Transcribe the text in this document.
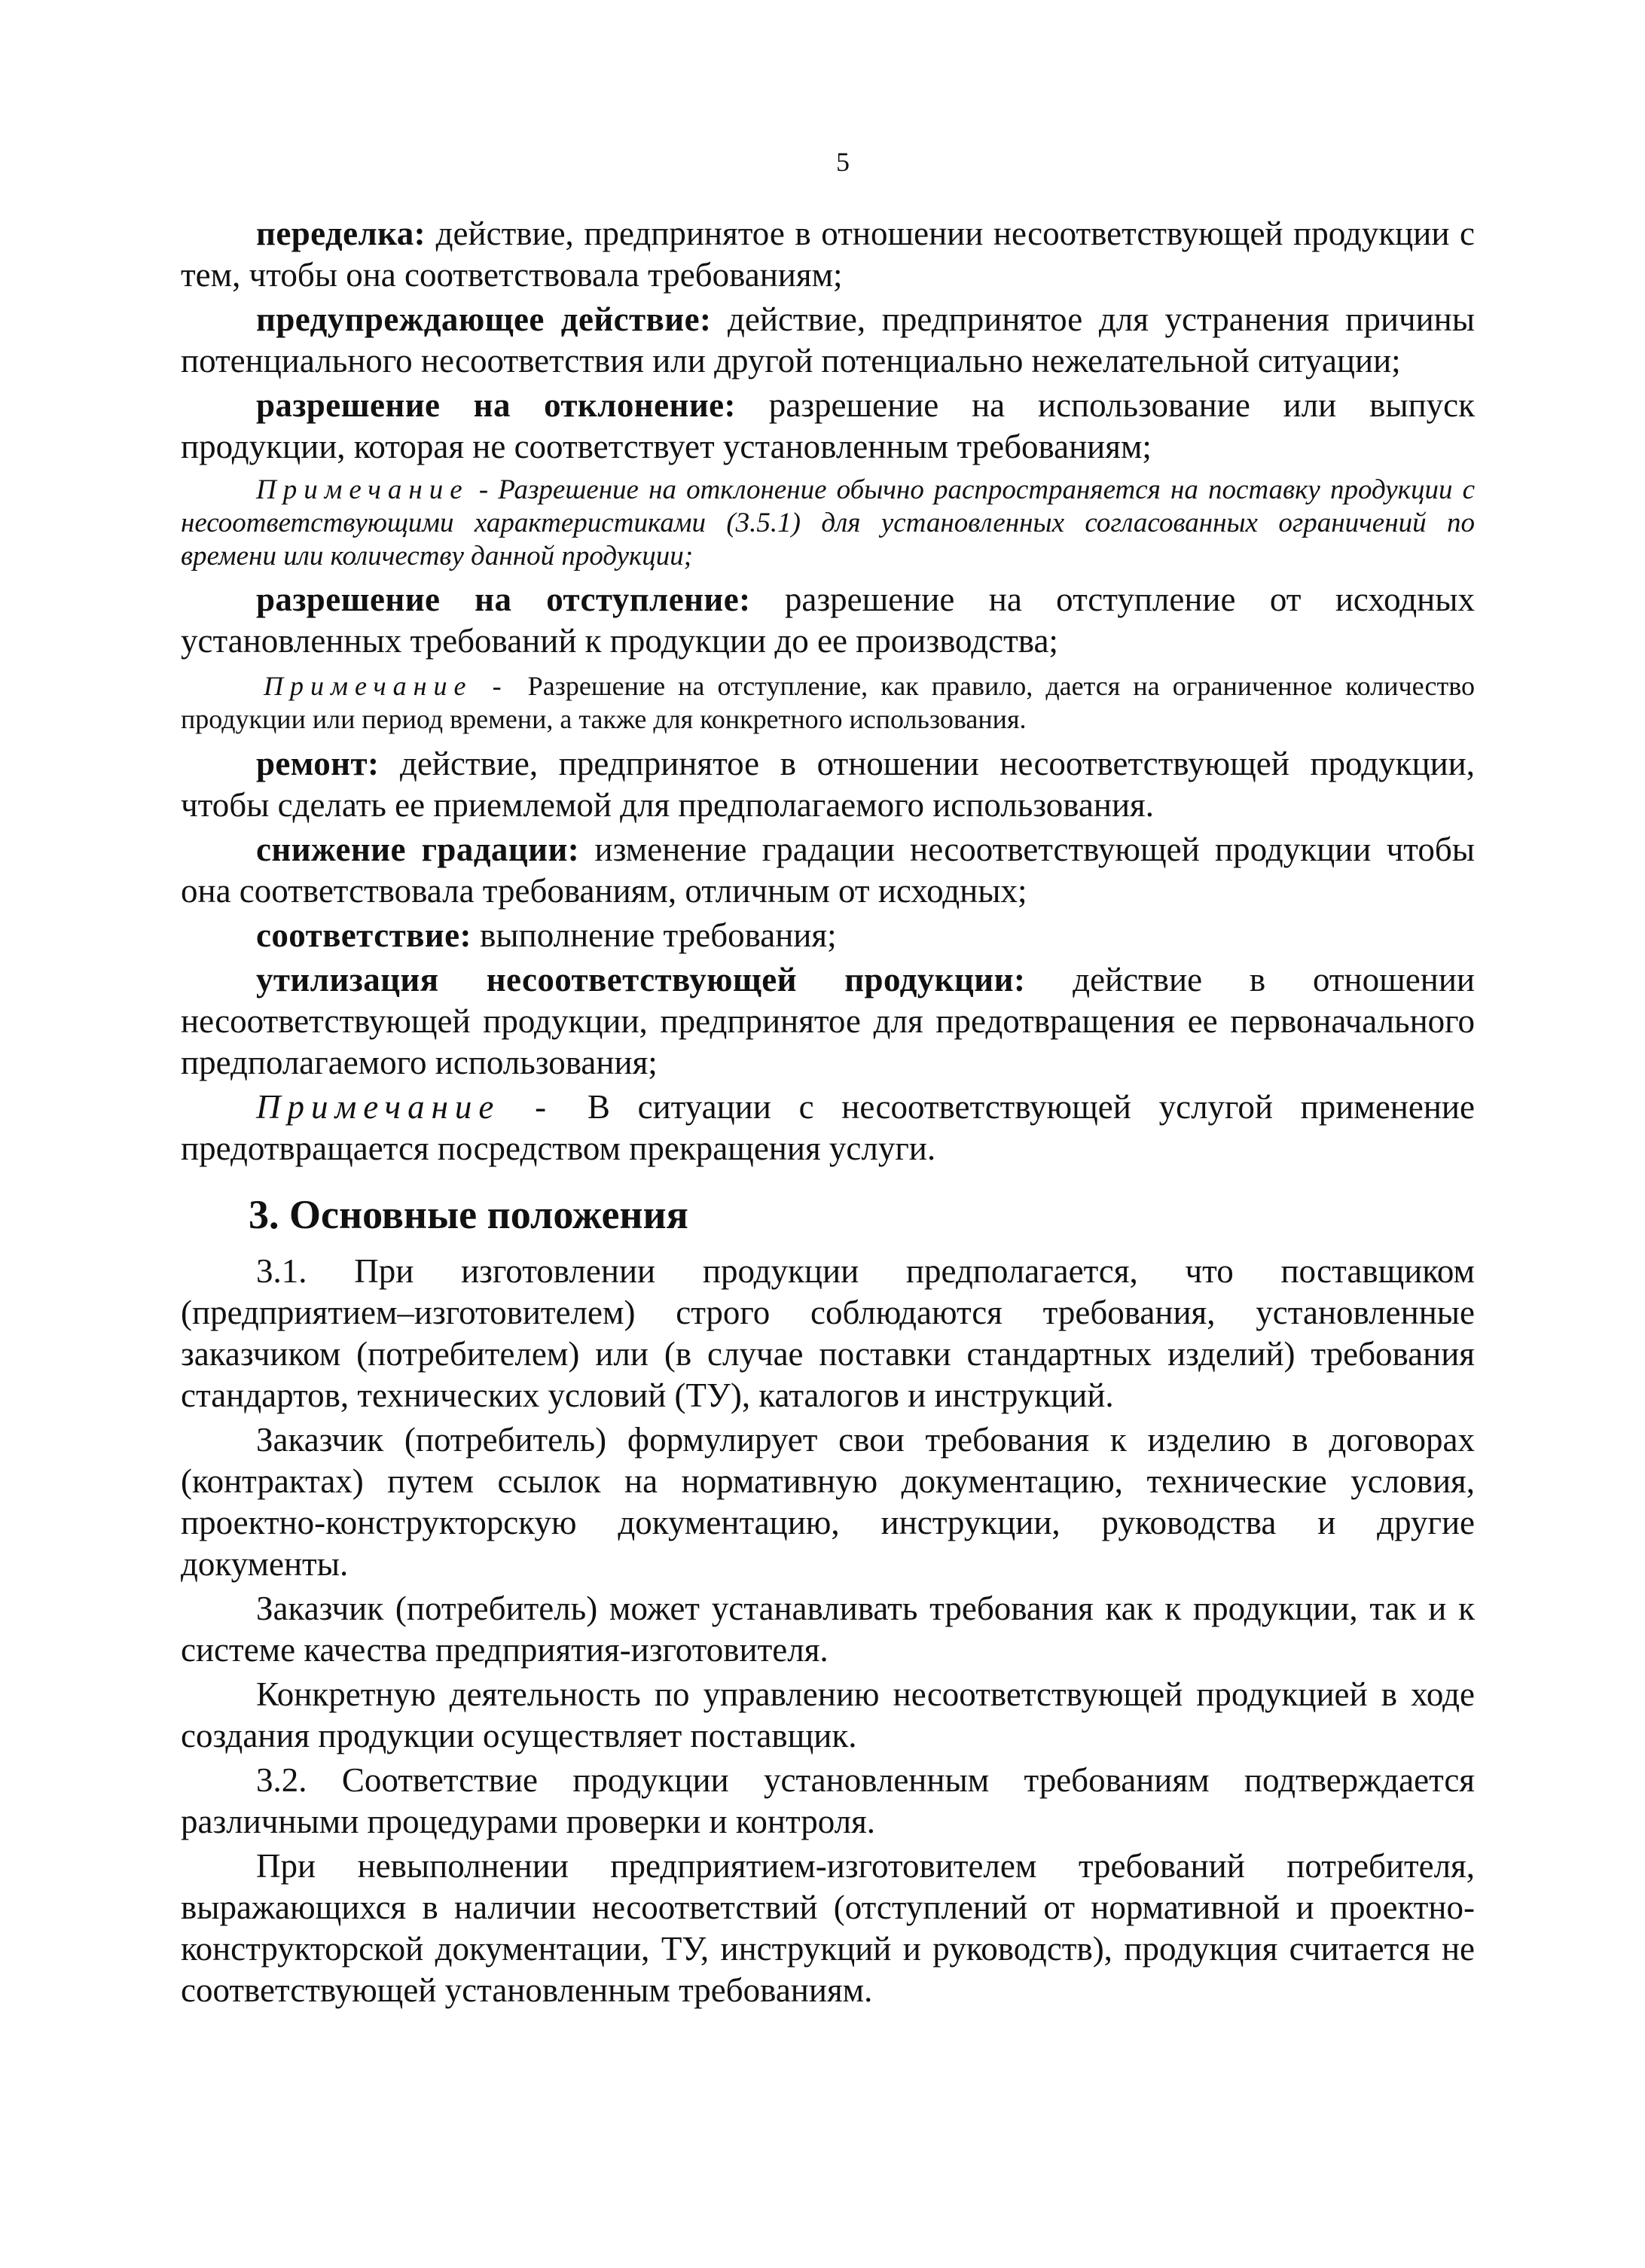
5

переделка: действие, предпринятое в отношении несоответствующей продукции с тем, чтобы она соответствовала требованиям;

предупреждающее действие: действие, предпринятое для устранения причины потенциального несоответствия или другой потенциально нежелательной ситуации;

разрешение на отклонение: разрешение на использование или выпуск продукции, которая не соответствует установленным требованиям;

Примечание - Разрешение на отклонение обычно распространяется на поставку продукции с несоответствующими характеристиками (3.5.1) для установленных согласованных ограничений по времени или количеству данной продукции;

разрешение на отступление: разрешение на отступление от исходных установленных требований к продукции до ее производства;

Примечание - Разрешение на отступление, как правило, дается на ограниченное количество продукции или период времени, а также для конкретного использования.

ремонт: действие, предпринятое в отношении несоответствующей продукции, чтобы сделать ее приемлемой для предполагаемого использования.

снижение градации: изменение градации несоответствующей продукции чтобы она соответствовала требованиям, отличным от исходных;

соответствие: выполнение требования;

утилизация несоответствующей продукции: действие в отношении несоответствующей продукции, предпринятое для предотвращения ее первоначального предполагаемого использования;

Примечание - В ситуации с несоответствующей услугой применение предотвращается посредством прекращения услуги.

3. Основные положения

3.1. При изготовлении продукции предполагается, что поставщиком (предприятием–изготовителем) строго соблюдаются требования, установленные заказчиком (потребителем) или (в случае поставки стандартных изделий) требования стандартов, технических условий (ТУ), каталогов и инструкций.

Заказчик (потребитель) формулирует свои требования к изделию в договорах (контрактах) путем ссылок на нормативную документацию, технические условия, проектно-конструкторскую документацию, инструкции, руководства и другие документы.

Заказчик (потребитель) может устанавливать требования как к продукции, так и к системе качества предприятия-изготовителя.

Конкретную деятельность по управлению несоответствующей продукцией в ходе создания продукции осуществляет поставщик.

3.2. Соответствие продукции установленным требованиям подтверждается различными процедурами проверки и контроля.

При невыполнении предприятием-изготовителем требований потребителя, выражающихся в наличии несоответствий (отступлений от нормативной и проектно-конструкторской документации, ТУ, инструкций и руководств), продукция считается не соответствующей установленным требованиям.
